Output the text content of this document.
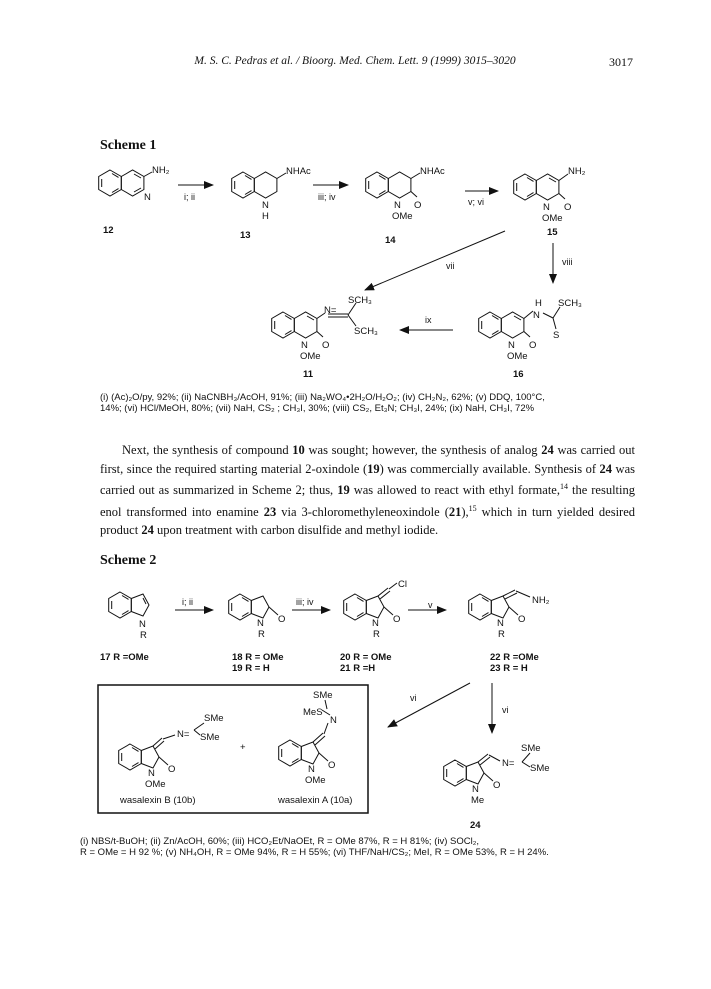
M. S. C. Pedras et al. / Bioorg. Med. Chem. Lett. 9 (1999) 3015–3020	3017
Scheme 1
N
NH₂
12
i; ii
NHAc
N
H
13
iii; iv
NHAc
N O
OMe
14
v; vi
NH₂
N O
OMe
15
vii	viii
H
N
SCH₃
S
N O
OMe
16
ix
N=
SCH₃
SCH₃
N O
OMe
11
(i) (Ac)₂O/py, 92%; (ii) NaCNBH₃/AcOH, 91%; (iii) Na₂WO₄•2H₂O/H₂O₂; (iv) CH₂N₂, 62%; (v) DDQ, 100°C,
14%; (vi) HCl/MeOH, 80%; (vii) NaH, CS₂ ; CH₃I, 30%; (viii) CS₂, Et₃N; CH₃I, 24%; (ix) NaH, CH₃I, 72%
Next, the synthesis of compound 10 was sought; however, the synthesis of analog 24 was carried out first, since the required starting material 2-oxindole (19) was commercially available. Synthesis of 24 was carried out as summarized in Scheme 2; thus, 19 was allowed to react with ethyl formate,$^{14}$ the resulting enol transformed into enamine 23 via 3-chloromethyleneoxindole (21),$^{15}$ which in turn yielded desired product 24 upon treatment with carbon disulfide and methyl iodide.
Scheme 2
N
R
17 R =OMe
i; ii
N O
R
18 R = OMe
19 R = H
iii; iv
Cl
N O
R
20 R = OMe
21 R =H
v	NH₂
N O
R
22 R =OMe
23 R = H
N=
SMe
SMe
N O
OMe
+
SMe
MeS
N
N O
OMe
wasalexin B (10b)	wasalexin A (10a)
vi
vi
N=
SMe
SMe
N O
Me
24
(i) NBS/t-BuOH; (ii) Zn/AcOH, 60%; (iii) HCO₂Et/NaOEt, R = OMe 87%, R = H 81%; (iv) SOCl₂,
R = OMe = H 92 %; (v) NH₄OH, R = OMe 94%, R = H 55%; (vi) THF/NaH/CS₂; MeI, R = OMe 53%, R = H 24%.
